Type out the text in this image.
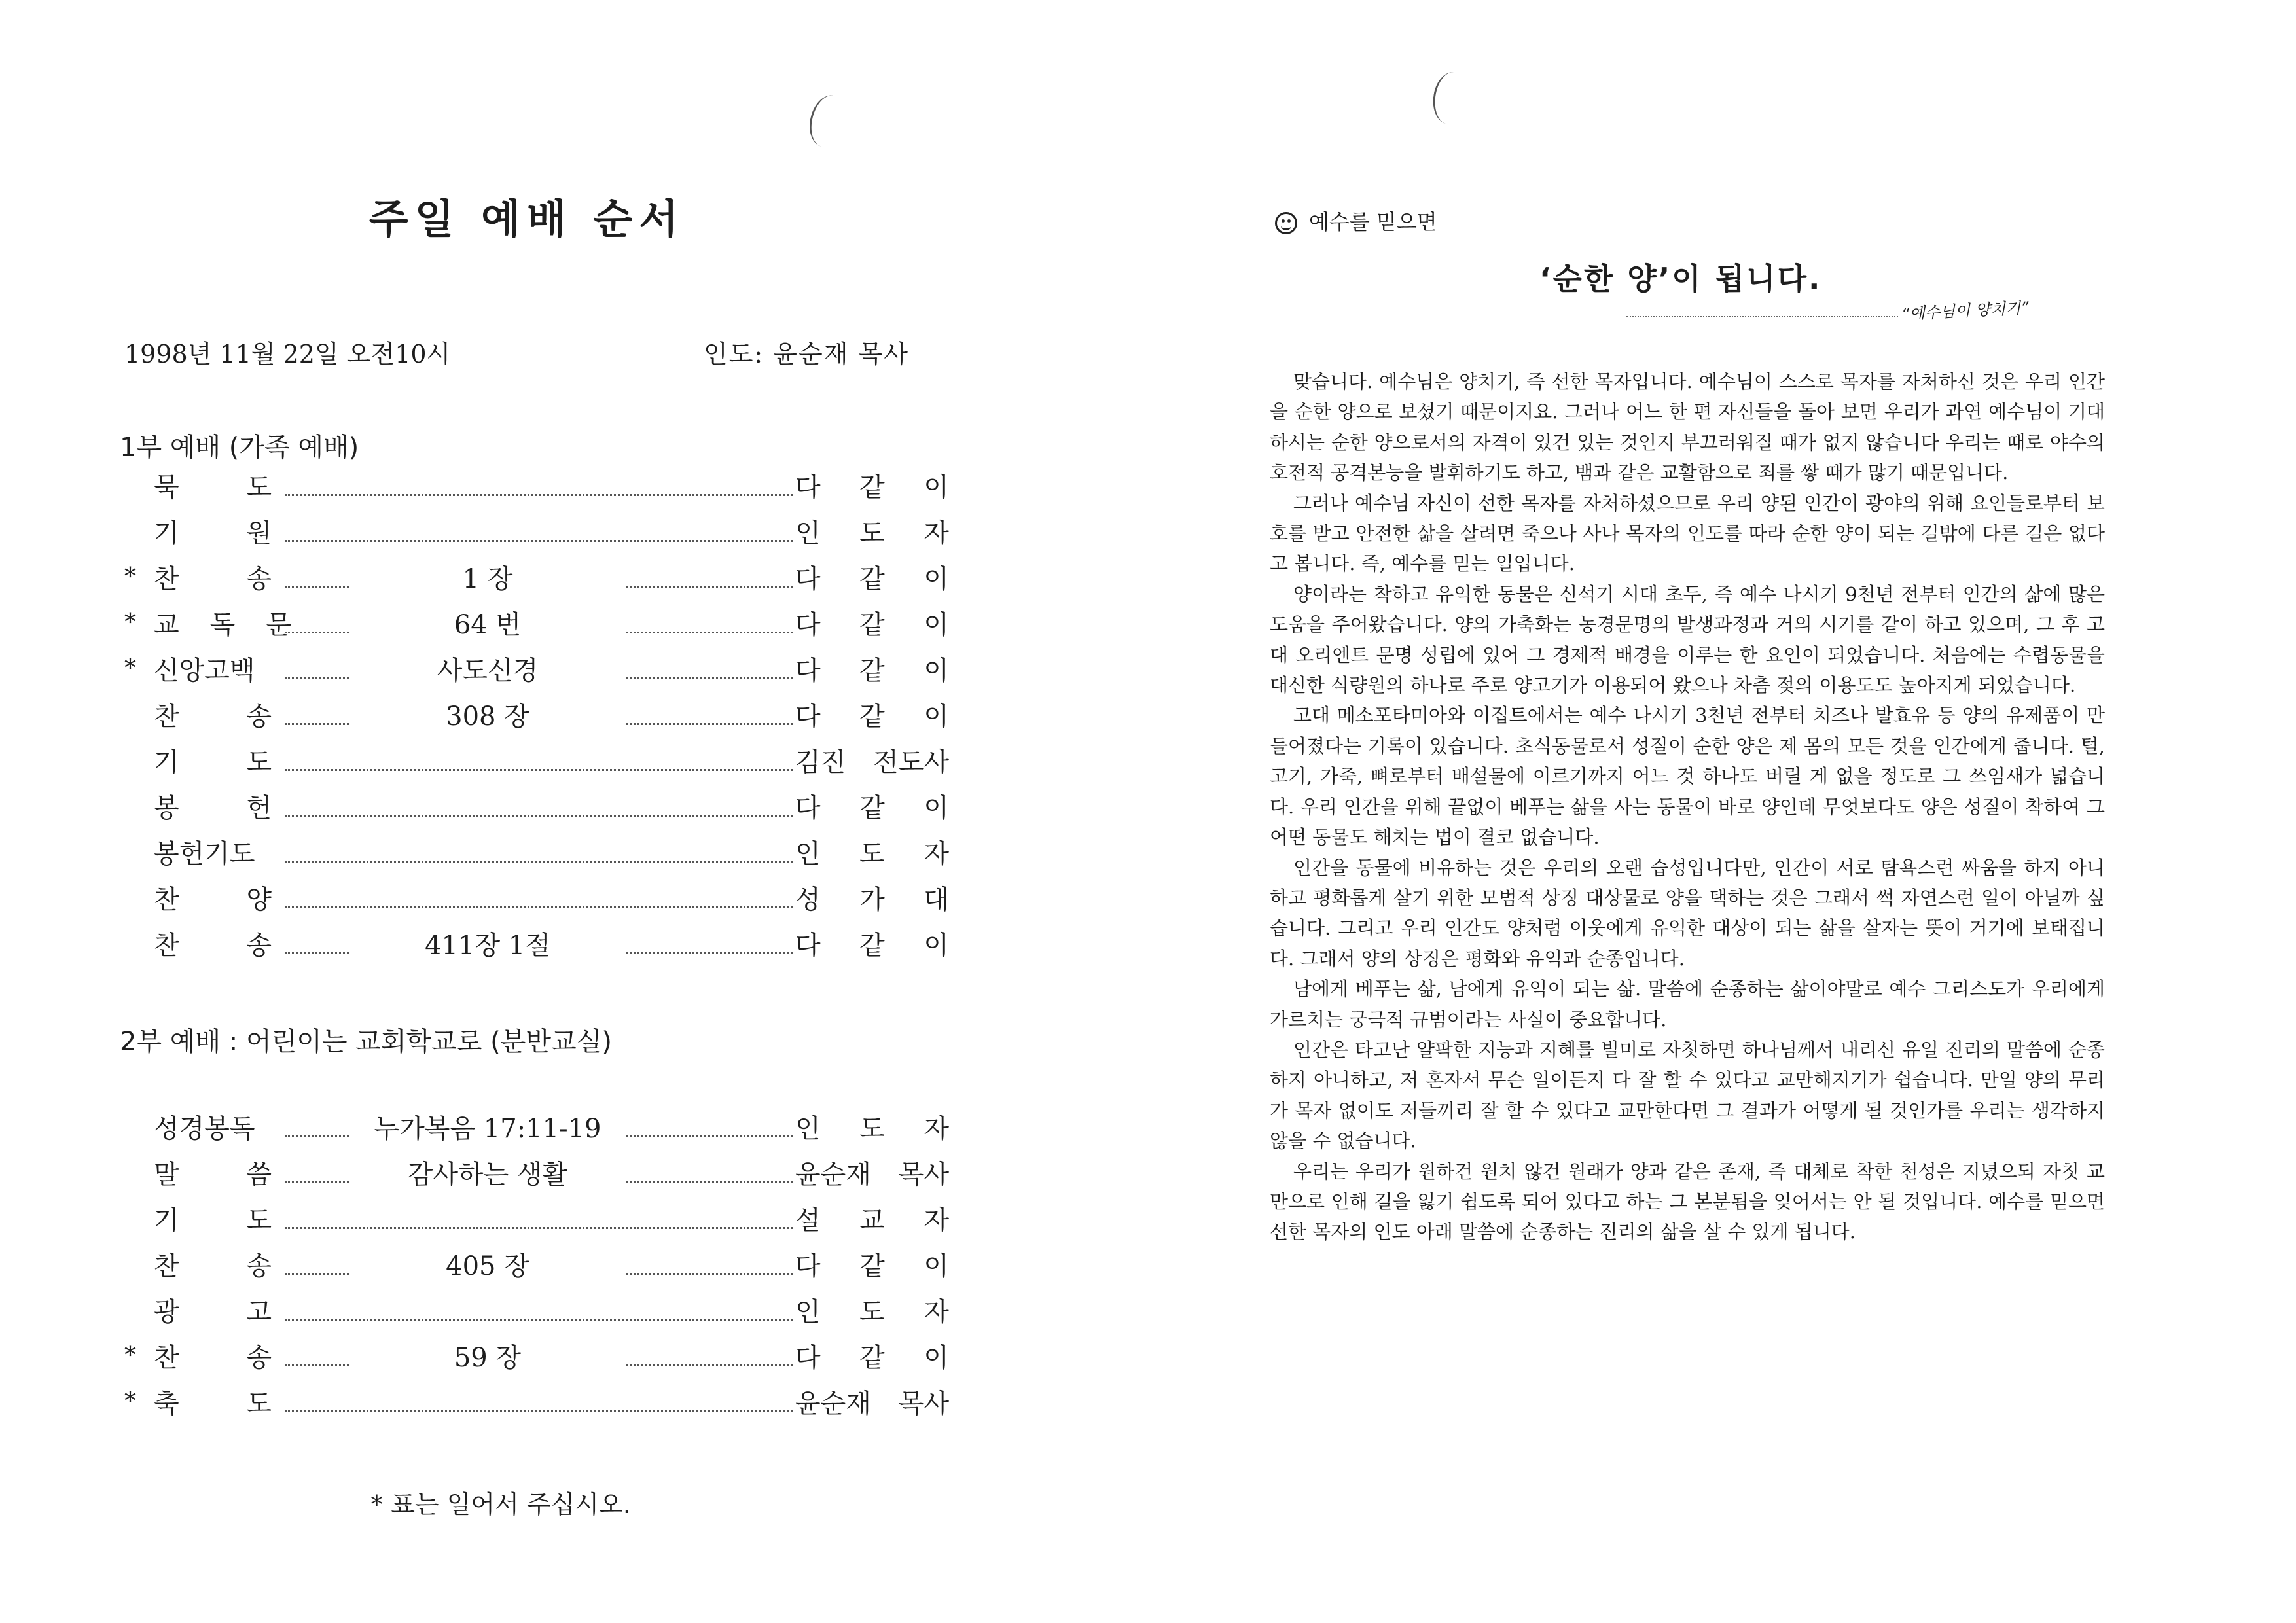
주일 예배 순서
1998년 11월 22일 오전10시	인도: 윤순재 목사
1부 예배 (가족 예배)
묵 도	다 같 이
기 원	인 도 자
* 찬 송	1 장	다 같 이
* 교 독 문	64 번	다 같 이
* 신앙고백	사도신경	다 같 이
찬 송	308 장	다 같 이
기 도	김진 전도사
봉 헌	다 같 이
봉헌기도	인 도 자
찬 양	성 가 대
찬 송	411장 1절	다 같 이
2부 예배 : 어린이는 교회학교로 (분반교실)
성경봉독	누가복음 17:11-19	인 도 자
말 씀	감사하는 생활	윤순재 목사
기 도	설 교 자
찬 송	405 장	다 같 이
광 고	인 도 자
* 찬 송	59 장	다 같 이
* 축 도	윤순재 목사

* 표는 일어서 주십시오.

예수를 믿으면

‘순한 양’이 됩니다.
“예수님이 양치기”

맞습니다. 예수님은 양치기, 즉 선한 목자입니다. 예수님이 스스로 목자를 자처하신 것은 우리 인간을 순한 양으로 보셨기 때문이지요. 그러나 어느 한 편 자신들을 돌아 보면 우리가 과연 예수님이 기대하시는 순한 양으로서의 자격이 있건 있는 것인지 부끄러워질 때가 없지 않습니다 우리는 때로 야수의 호전적 공격본능을 발휘하기도 하고, 뱀과 같은 교활함으로 죄를 쌓 때가 많기 때문입니다.

그러나 예수님 자신이 선한 목자를 자처하셨으므로 우리 양된 인간이 광야의 위해 요인들로부터 보호를 받고 안전한 삶을 살려면 죽으나 사나 목자의 인도를 따라 순한 양이 되는 길밖에 다른 길은 없다고 봅니다. 즉, 예수를 믿는 일입니다.

양이라는 착하고 유익한 동물은 신석기 시대 초두, 즉 예수 나시기 9천년 전부터 인간의 삶에 많은 도움을 주어왔습니다. 양의 가축화는 농경문명의 발생과정과 거의 시기를 같이 하고 있으며, 그 후 고대 오리엔트 문명 성립에 있어 그 경제적 배경을 이루는 한 요인이 되었습니다. 처음에는 수렵동물을 대신한 식량원의 하나로 주로 양고기가 이용되어 왔으나 차츰 젖의 이용도도 높아지게 되었습니다.

고대 메소포타미아와 이집트에서는 예수 나시기 3천년 전부터 치즈나 발효유 등 양의 유제품이 만들어졌다는 기록이 있습니다. 초식동물로서 성질이 순한 양은 제 몸의 모든 것을 인간에게 줍니다. 털, 고기, 가죽, 뼈로부터 배설물에 이르기까지 어느 것 하나도 버릴 게 없을 정도로 그 쓰임새가 넓습니다. 우리 인간을 위해 끝없이 베푸는 삶을 사는 동물이 바로 양인데 무엇보다도 양은 성질이 착하여 그 어떤 동물도 해치는 법이 결코 없습니다.

인간을 동물에 비유하는 것은 우리의 오랜 습성입니다만, 인간이 서로 탐욕스런 싸움을 하지 아니하고 평화롭게 살기 위한 모범적 상징 대상물로 양을 택하는 것은 그래서 썩 자연스런 일이 아닐까 싶습니다. 그리고 우리 인간도 양처럼 이웃에게 유익한 대상이 되는 삶을 살자는 뜻이 거기에 보태집니다. 그래서 양의 상징은 평화와 유익과 순종입니다.

남에게 베푸는 삶, 남에게 유익이 되는 삶. 말씀에 순종하는 삶이야말로 예수 그리스도가 우리에게 가르치는 궁극적 규범이라는 사실이 중요합니다.

인간은 타고난 얄팍한 지능과 지혜를 빌미로 자칫하면 하나님께서 내리신 유일 진리의 말씀에 순종하지 아니하고, 저 혼자서 무슨 일이든지 다 잘 할 수 있다고 교만해지기가 쉽습니다. 만일 양의 무리가 목자 없이도 저들끼리 잘 할 수 있다고 교만한다면 그 결과가 어떻게 될 것인가를 우리는 생각하지 않을 수 없습니다.

우리는 우리가 원하건 원치 않건 원래가 양과 같은 존재, 즉 대체로 착한 천성은 지녔으되 자칫 교만으로 인해 길을 잃기 쉽도록 되어 있다고 하는 그 본분됨을 잊어서는 안 될 것입니다. 예수를 믿으면 선한 목자의 인도 아래 말씀에 순종하는 진리의 삶을 살 수 있게 됩니다.
